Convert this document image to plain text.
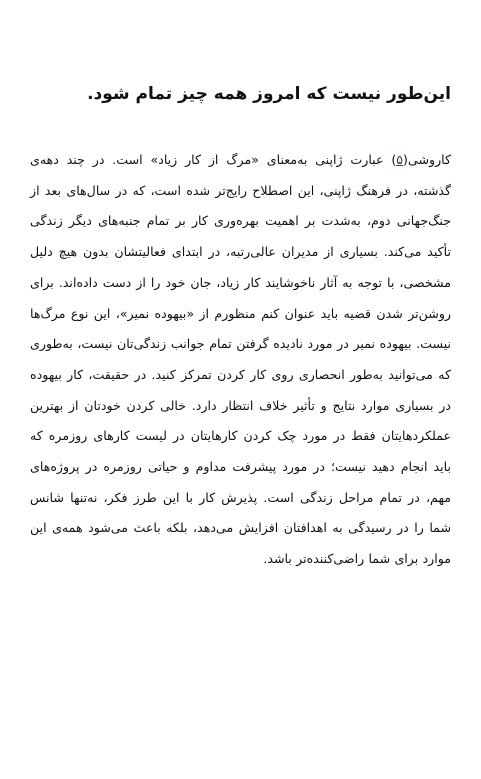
این‌طور نیست که امروز همه چیز تمام شود.

کاروشی(۵) عبارت ژاپنی به‌معنای «مرگ از کار زیاد» است. در چند دهه‌ی گذشته، در فرهنگ ژاپنی، این اصطلاح رایج‌تر شده است، که در سال‌های بعد از جنگ‌جهانی دوم، به‌شدت بر اهمیت بهره‌وری کار بر تمام جنبه‌های دیگر زندگی تأکید می‌کند. بسیاری از مدیران عالی‌رتبه، در ابتدای فعالیتشان بدون هیچ دلیل مشخصی، با توجه به آثار ناخوشایند کار زیاد، جان خود را از دست داده‌اند. برای روشن‌تر شدن قضیه باید عنوان کنم منظورم از «بیهوده نمیر»، این نوع مرگ‌ها نیست. بیهوده نمیر در مورد نادیده گرفتن تمام جوانب زندگی‌تان نیست، به‌طوری که می‌توانید به‌طور انحصاری روی کار کردن تمرکز کنید. در حقیقت، کار بیهوده در بسیاری موارد نتایج و تأثیر خلاف انتظار دارد. خالی کردن خودتان از بهترین عملکردهایتان فقط در مورد چک کردن کارهایتان در لیست کارهای روزمره که باید انجام دهید نیست؛ در مورد پیشرفت مداوم و حیاتی روزمره در پروژه‌های مهم، در تمام مراحل زندگی است. پذیرش کار با این طرز فکر، نه‌تنها شانس شما را در رسیدگی به اهدافتان افزایش می‌دهد، بلکه باعث می‌شود همه‌ی این موارد برای شما راضی‌کننده‌تر باشد.
